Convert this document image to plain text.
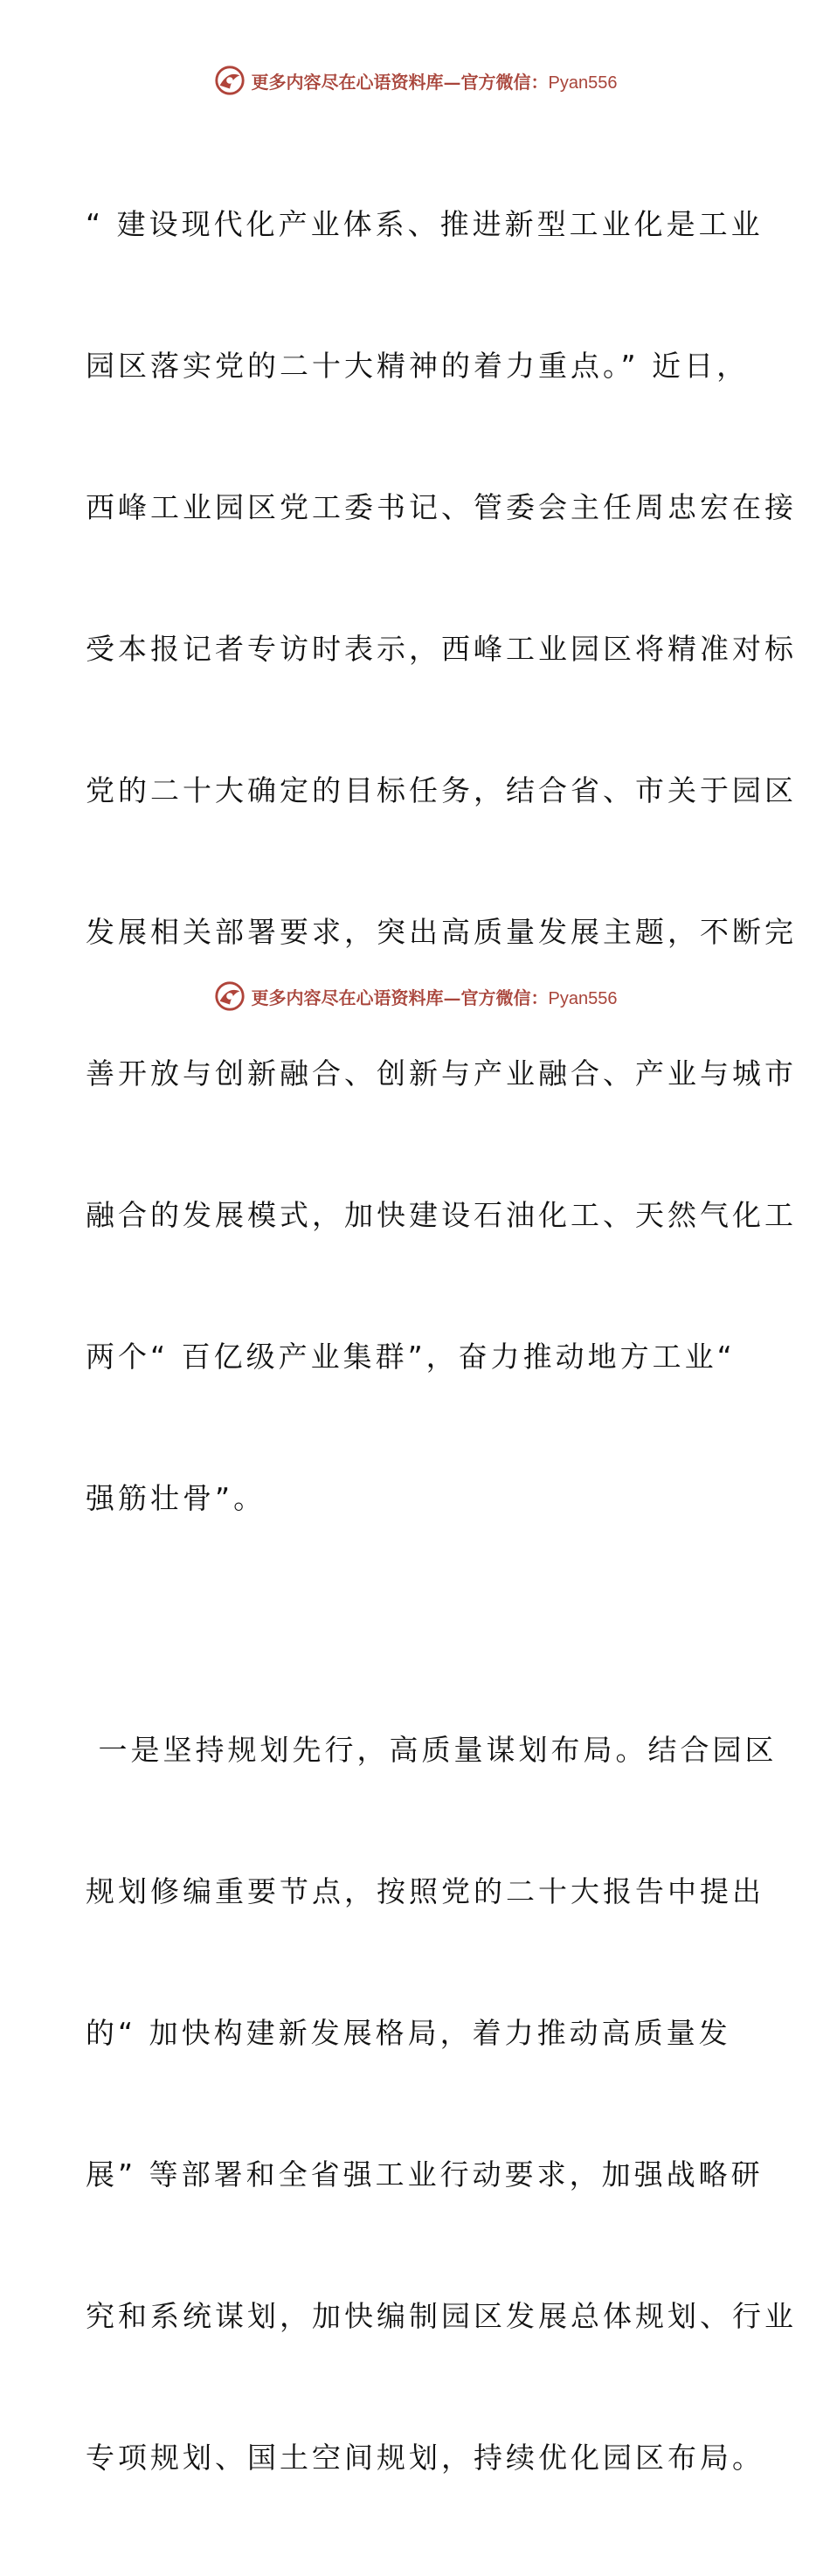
更多内容尽在心语资料库—官方微信：Pyan556

“ 建设现代化产业体系、推进新型工业化是工业

园区落实党的二十大精神的着力重点。” 近日，

西峰工业园区党工委书记、管委会主任周忠宏在接

受本报记者专访时表示，西峰工业园区将精准对标

党的二十大确定的目标任务，结合省、市关于园区

发展相关部署要求，突出高质量发展主题，不断完

善开放与创新融合、创新与产业融合、产业与城市

融合的发展模式，加快建设石油化工、天然气化工

两个“ 百亿级产业集群”，奋力推动地方工业“

强筋壮骨”。

一是坚持规划先行，高质量谋划布局。结合园区

规划修编重要节点，按照党的二十大报告中提出

的“ 加快构建新发展格局，着力推动高质量发

展” 等部署和全省强工业行动要求，加强战略研

究和系统谋划，加快编制园区发展总体规划、行业

专项规划、国土空间规划，持续优化园区布局。

更多内容尽在心语资料库—官方微信：Pyan556
